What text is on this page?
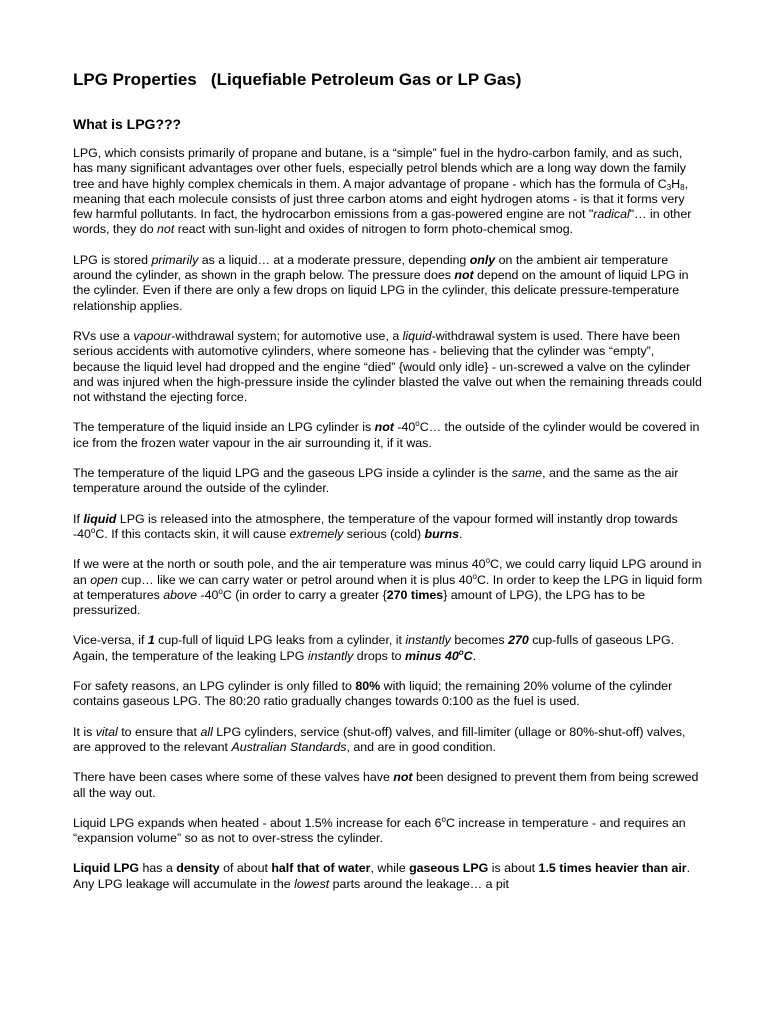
LPG Properties   (Liquefiable Petroleum Gas or LP Gas)
What is LPG???
LPG, which consists primarily of propane and butane, is a “simple” fuel in the hydro-carbon family, and as such, has many significant advantages over other fuels, especially petrol blends which are a long way down the family tree and have highly complex chemicals in them. A major advantage of propane - which has the formula of $C_3H_8$, meaning that each molecule consists of just three carbon atoms and eight hydrogen atoms - is that it forms very few harmful pollutants. In fact, the hydrocarbon emissions from a gas-powered engine are not "radical"… in other words, they do not react with sun-light and oxides of nitrogen to form photo-chemical smog.
LPG is stored primarily as a liquid… at a moderate pressure, depending only on the ambient air temperature around the cylinder, as shown in the graph below. The pressure does not depend on the amount of liquid LPG in the cylinder. Even if there are only a few drops on liquid LPG in the cylinder, this delicate pressure-temperature relationship applies.
RVs use a vapour-withdrawal system; for automotive use, a liquid-withdrawal system is used. There have been serious accidents with automotive cylinders, where someone has - believing that the cylinder was “empty”, because the liquid level had dropped and the engine “died” {would only idle} - un-screwed a valve on the cylinder and was injured when the high-pressure inside the cylinder blasted the valve out when the remaining threads could not withstand the ejecting force.
The temperature of the liquid inside an LPG cylinder is not -40$^o$C… the outside of the cylinder would be covered in ice from the frozen water vapour in the air surrounding it, if it was.
The temperature of the liquid LPG and the gaseous LPG inside a cylinder is the same, and the same as the air temperature around the outside of the cylinder.
If liquid LPG is released into the atmosphere, the temperature of the vapour formed will instantly drop towards -40$^o$C. If this contacts skin, it will cause extremely serious (cold) burns.
If we were at the north or south pole, and the air temperature was minus 40$^o$C, we could carry liquid LPG around in an open cup… like we can carry water or petrol around when it is plus 40$^o$C. In order to keep the LPG in liquid form at temperatures above -40$^o$C (in order to carry a greater {270 times} amount of LPG), the LPG has to be pressurized.
Vice-versa, if 1 cup-full of liquid LPG leaks from a cylinder, it instantly becomes 270 cup-fulls of gaseous LPG. Again, the temperature of the leaking LPG instantly drops to minus 40$^o$C.
For safety reasons, an LPG cylinder is only filled to 80% with liquid; the remaining 20% volume of the cylinder contains gaseous LPG. The 80:20 ratio gradually changes towards 0:100 as the fuel is used.
It is vital to ensure that all LPG cylinders, service (shut-off) valves, and fill-limiter (ullage or 80%-shut-off) valves, are approved to the relevant Australian Standards, and are in good condition.
There have been cases where some of these valves have not been designed to prevent them from being screwed all the way out.
Liquid LPG expands when heated - about 1.5% increase for each 6$^o$C increase in temperature - and requires an “expansion volume” so as not to over-stress the cylinder.
Liquid LPG has a density of about half that of water, while gaseous LPG is about 1.5 times heavier than air. Any LPG leakage will accumulate in the lowest parts around the leakage… a pit
